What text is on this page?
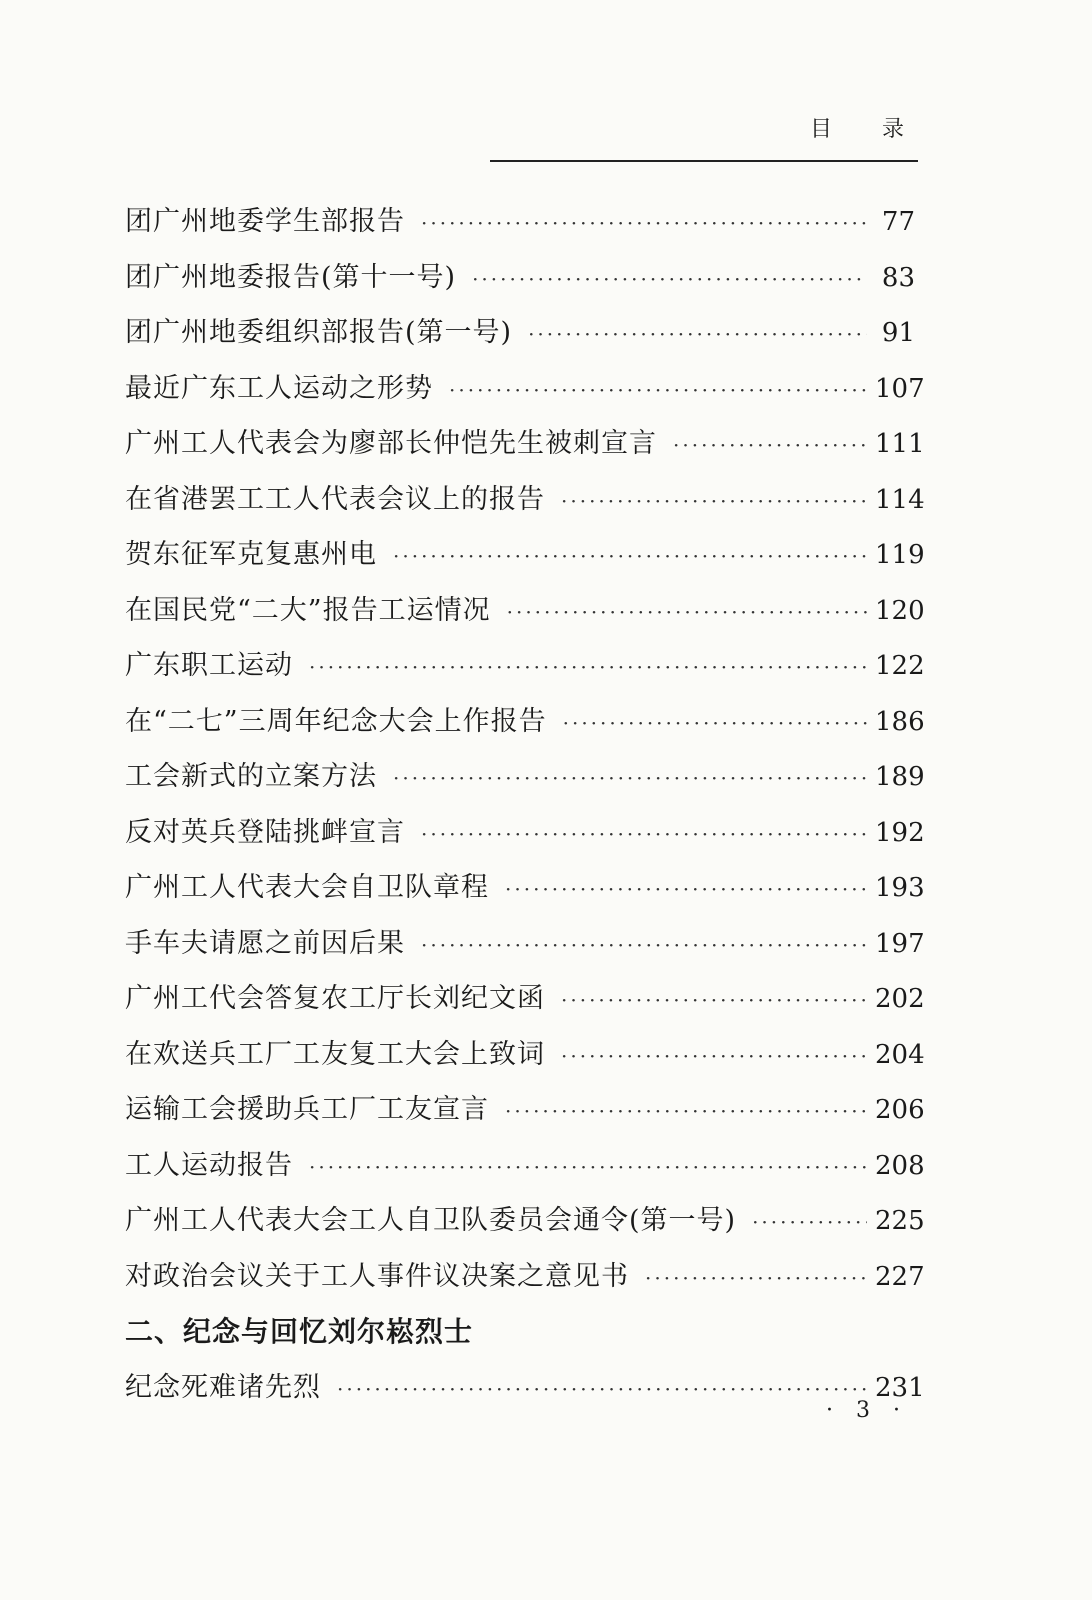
目 录
团广州地委学生部报告 ·····	77
团广州地委报告(第十一号) ·····	83
团广州地委组织部报告(第一号) ·····	91
最近广东工人运动之形势 ·····	107
广州工人代表会为廖部长仲恺先生被刺宣言 ·····	111
在省港罢工工人代表会议上的报告 ·····	114
贺东征军克复惠州电 ·····	119
在国民党“二大”报告工运情况 ·····	120
广东职工运动 ·····	122
在“二七”三周年纪念大会上作报告 ·····	186
工会新式的立案方法 ·····	189
反对英兵登陆挑衅宣言 ·····	192
广州工人代表大会自卫队章程 ·····	193
手车夫请愿之前因后果 ·····	197
广州工代会答复农工厅长刘纪文函 ·····	202
在欢送兵工厂工友复工大会上致词 ·····	204
运输工会援助兵工厂工友宣言 ·····	206
工人运动报告 ·····	208
广州工人代表大会工人自卫队委员会通令(第一号) ·····	225
对政治会议关于工人事件议决案之意见书 ·····	227
二、纪念与回忆刘尔崧烈士
纪念死难诸先烈 ·····	231
· 3 ·
